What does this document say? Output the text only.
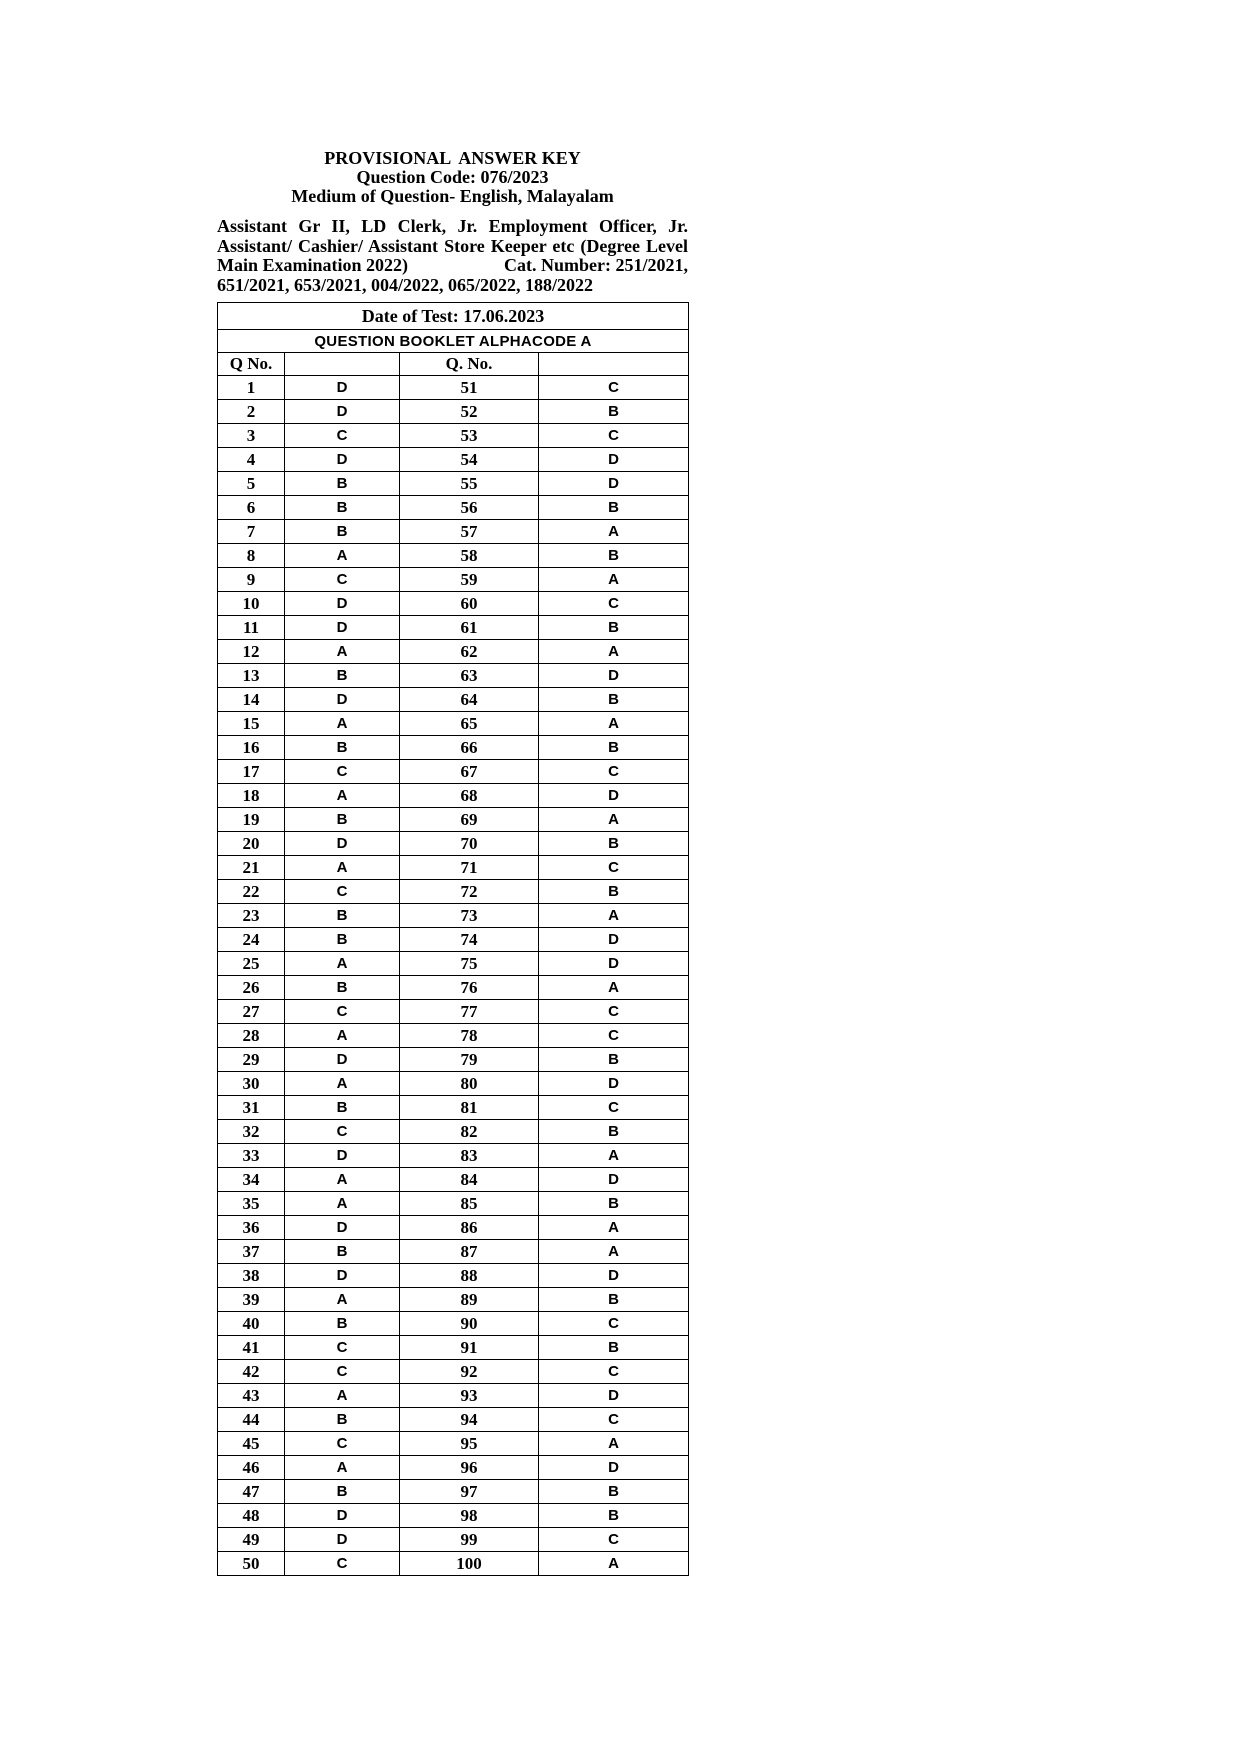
PROVISIONAL  ANSWER KEY
Question Code: 076/2023
Medium of Question- English, Malayalam
Assistant Gr II, LD Clerk, Jr. Employment Officer, Jr.
Assistant/ Cashier/ Assistant Store Keeper etc (Degree Level
Main Examination 2022)	Cat. Number: 251/2021,
651/2021, 653/2021, 004/2022, 065/2022, 188/2022
Date of Test: 17.06.2023			
QUESTION BOOKLET ALPHACODE A			
Q No.		Q. No.	
1	D	51	C
2	D	52	B
3	C	53	C
4	D	54	D
5	B	55	D
6	B	56	B
7	B	57	A
8	A	58	B
9	C	59	A
10	D	60	C
11	D	61	B
12	A	62	A
13	B	63	D
14	D	64	B
15	A	65	A
16	B	66	B
17	C	67	C
18	A	68	D
19	B	69	A
20	D	70	B
21	A	71	C
22	C	72	B
23	B	73	A
24	B	74	D
25	A	75	D
26	B	76	A
27	C	77	C
28	A	78	C
29	D	79	B
30	A	80	D
31	B	81	C
32	C	82	B
33	D	83	A
34	A	84	D
35	A	85	B
36	D	86	A
37	B	87	A
38	D	88	D
39	A	89	B
40	B	90	C
41	C	91	B
42	C	92	C
43	A	93	D
44	B	94	C
45	C	95	A
46	A	96	D
47	B	97	B
48	D	98	B
49	D	99	C
50	C	100	A
